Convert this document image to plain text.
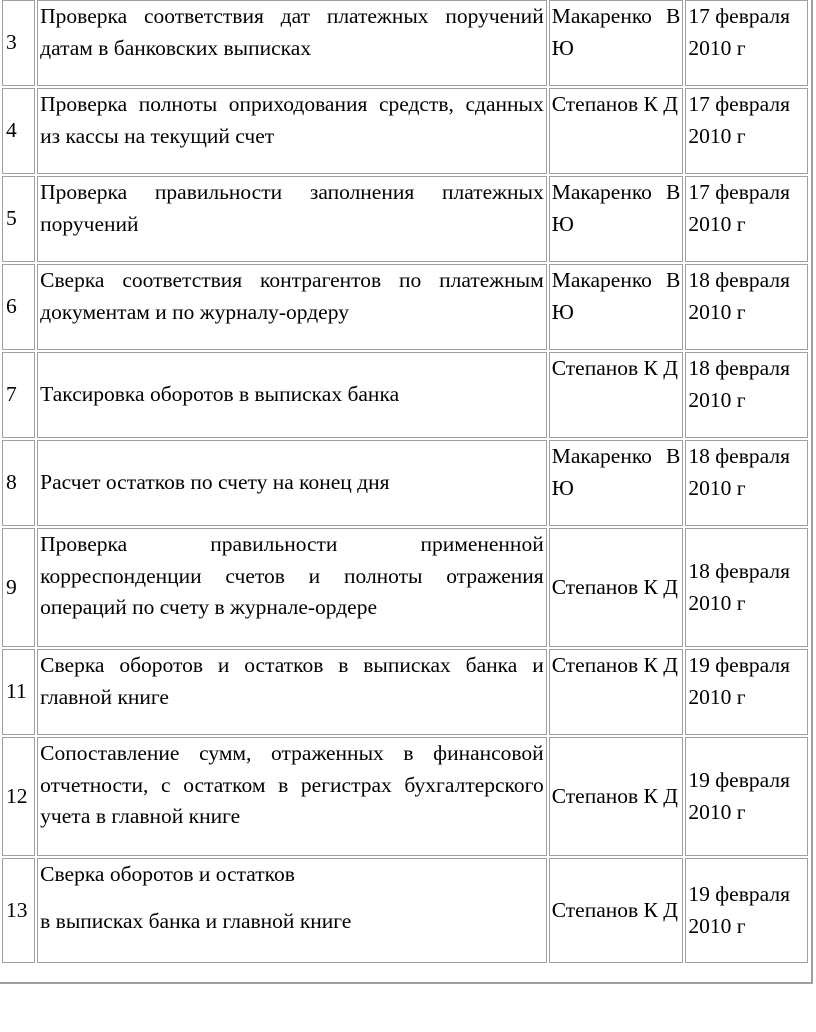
3	Проверка соответствия дат платежных поручений датам в банковских выписках	Макаренко В Ю	17 февраля 2010 г
4	Проверка полноты оприходования средств, сданных из кассы на текущий счет	Степанов К Д	17 февраля 2010 г
5	Проверка правильности заполнения платежных поручений	Макаренко В Ю	17 февраля 2010 г
6	Сверка соответствия контрагентов по платежным документам и по журналу-ордеру	Макаренко В Ю	18 февраля 2010 г
7	Таксировка оборотов в выписках банка	Степанов К Д	18 февраля 2010 г
8	Расчет остатков по счету на конец дня	Макаренко В Ю	18 февраля 2010 г
9	Проверка правильности примененной корреспонденции счетов и полноты отражения операций по счету в журнале-ордере	Степанов К Д	18 февраля 2010 г
11	Сверка оборотов и остатков в выписках банка и главной книге	Степанов К Д	19 февраля 2010 г
12	Сопоставление сумм, отраженных в финансовой отчетности, с остатком в регистрах бухгалтерского учета в главной книге	Степанов К Д	19 февраля 2010 г
13	Сверка оборотов и остатков
в выписках банка и главной книге	Степанов К Д	19 февраля 2010 г
